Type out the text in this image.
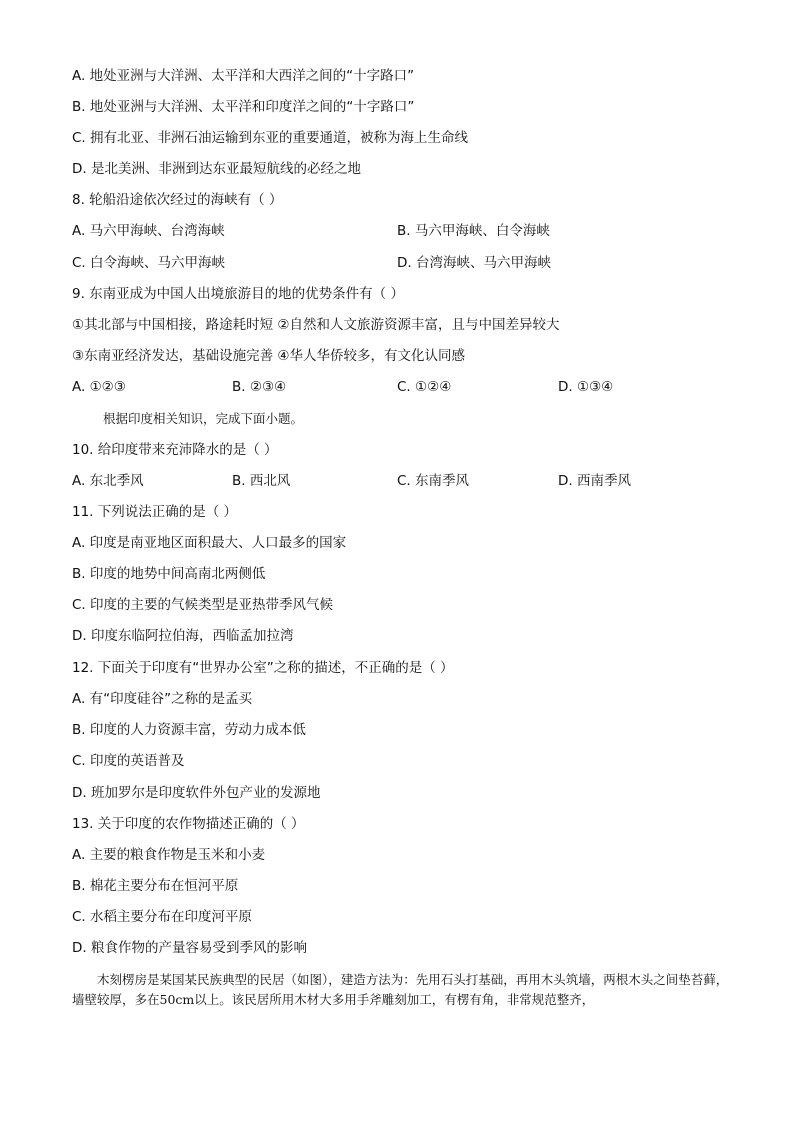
A. 地处亚洲与大洋洲、太平洋和大西洋之间的“十字路口”
B. 地处亚洲与大洋洲、太平洋和印度洋之间的“十字路口”
C. 拥有北亚、非洲石油运输到东亚的重要通道，被称为海上生命线
D. 是北美洲、非洲到达东亚最短航线的必经之地
8. 轮船沿途依次经过的海峡有（ ）
A. 马六甲海峡、台湾海峡	B. 马六甲海峡、白令海峡
C. 白令海峡、马六甲海峡	D. 台湾海峡、马六甲海峡
9. 东南亚成为中国人出境旅游目的地的优势条件有（ ）
①其北部与中国相接，路途耗时短 ②自然和人文旅游资源丰富，且与中国差异较大
③东南亚经济发达，基础设施完善 ④华人华侨较多，有文化认同感
A. ①②③	B. ②③④	C. ①②④	D. ①③④
根据印度相关知识，完成下面小题。
10. 给印度带来充沛降水的是（ ）
A. 东北季风	B. 西北风	C. 东南季风	D. 西南季风
11. 下列说法正确的是（ ）
A. 印度是南亚地区面积最大、人口最多的国家
B. 印度的地势中间高南北两侧低
C. 印度的主要的气候类型是亚热带季风气候
D. 印度东临阿拉伯海，西临孟加拉湾
12. 下面关于印度有“世界办公室”之称的描述，不正确的是（ ）
A. 有“印度硅谷”之称的是孟买
B. 印度的人力资源丰富，劳动力成本低
C. 印度的英语普及
D. 班加罗尔是印度软件外包产业的发源地
13. 关于印度的农作物描述正确的（ ）
A. 主要的粮食作物是玉米和小麦
B. 棉花主要分布在恒河平原
C. 水稻主要分布在印度河平原
D. 粮食作物的产量容易受到季风的影响
　　木刻楞房是某国某民族典型的民居（如图），建造方法为：先用石头打基础，再用木头筑墙，两根木头之间垫苔藓，墙壁较厚，多在50cm以上。该民居所用木材大多用手斧雕刻加工，有楞有角，非常规范整齐，
